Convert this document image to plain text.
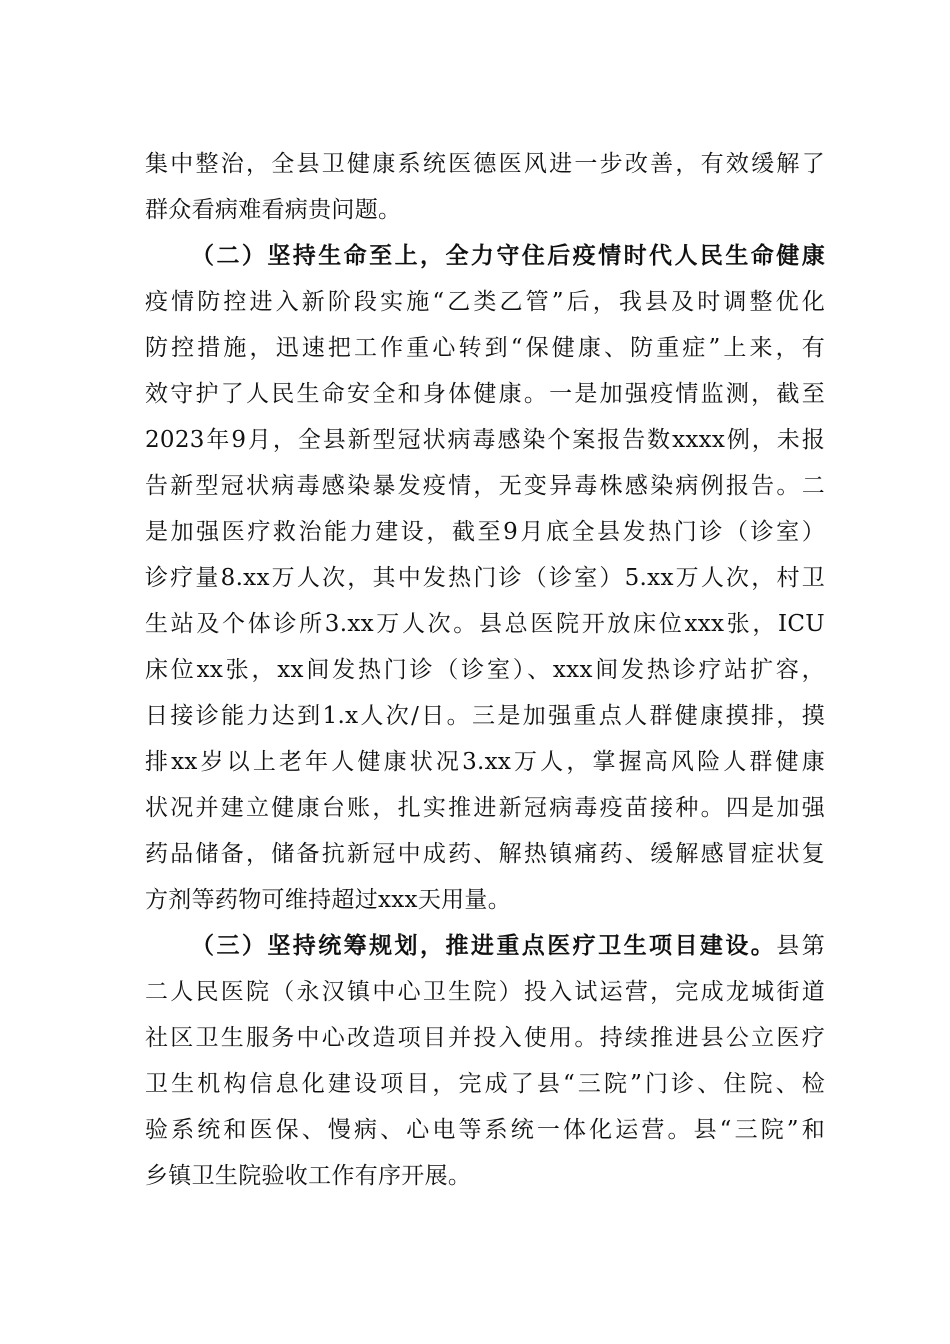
集中整治，全县卫健康系统医德医风进一步改善，有效缓解了
群众看病难看病贵问题。
（二）坚持生命至上，全力守住后疫情时代人民生命健康
疫情防控进入新阶段实施“乙类乙管”后，我县及时调整优化
防控措施，迅速把工作重心转到“保健康、防重症”上来，有
效守护了人民生命安全和身体健康。一是加强疫情监测，截至
2023年9月，全县新型冠状病毒感染个案报告数xxxx例，未报
告新型冠状病毒感染暴发疫情，无变异毒株感染病例报告。二
是加强医疗救治能力建设，截至9月底全县发热门诊（诊室）
诊疗量8.xx万人次，其中发热门诊（诊室）5.xx万人次，村卫
生站及个体诊所3.xx万人次。县总医院开放床位xxx张，ICU
床位xx张，xx间发热门诊（诊室）、xxx间发热诊疗站扩容，
日接诊能力达到1.x人次/日。三是加强重点人群健康摸排，摸
排xx岁以上老年人健康状况3.xx万人，掌握高风险人群健康
状况并建立健康台账，扎实推进新冠病毒疫苗接种。四是加强
药品储备，储备抗新冠中成药、解热镇痛药、缓解感冒症状复
方剂等药物可维持超过xxx天用量。
（三）坚持统筹规划，推进重点医疗卫生项目建设。县第
二人民医院（永汉镇中心卫生院）投入试运营，完成龙城街道
社区卫生服务中心改造项目并投入使用。持续推进县公立医疗
卫生机构信息化建设项目，完成了县“三院”门诊、住院、检
验系统和医保、慢病、心电等系统一体化运营。县“三院”和
乡镇卫生院验收工作有序开展。
